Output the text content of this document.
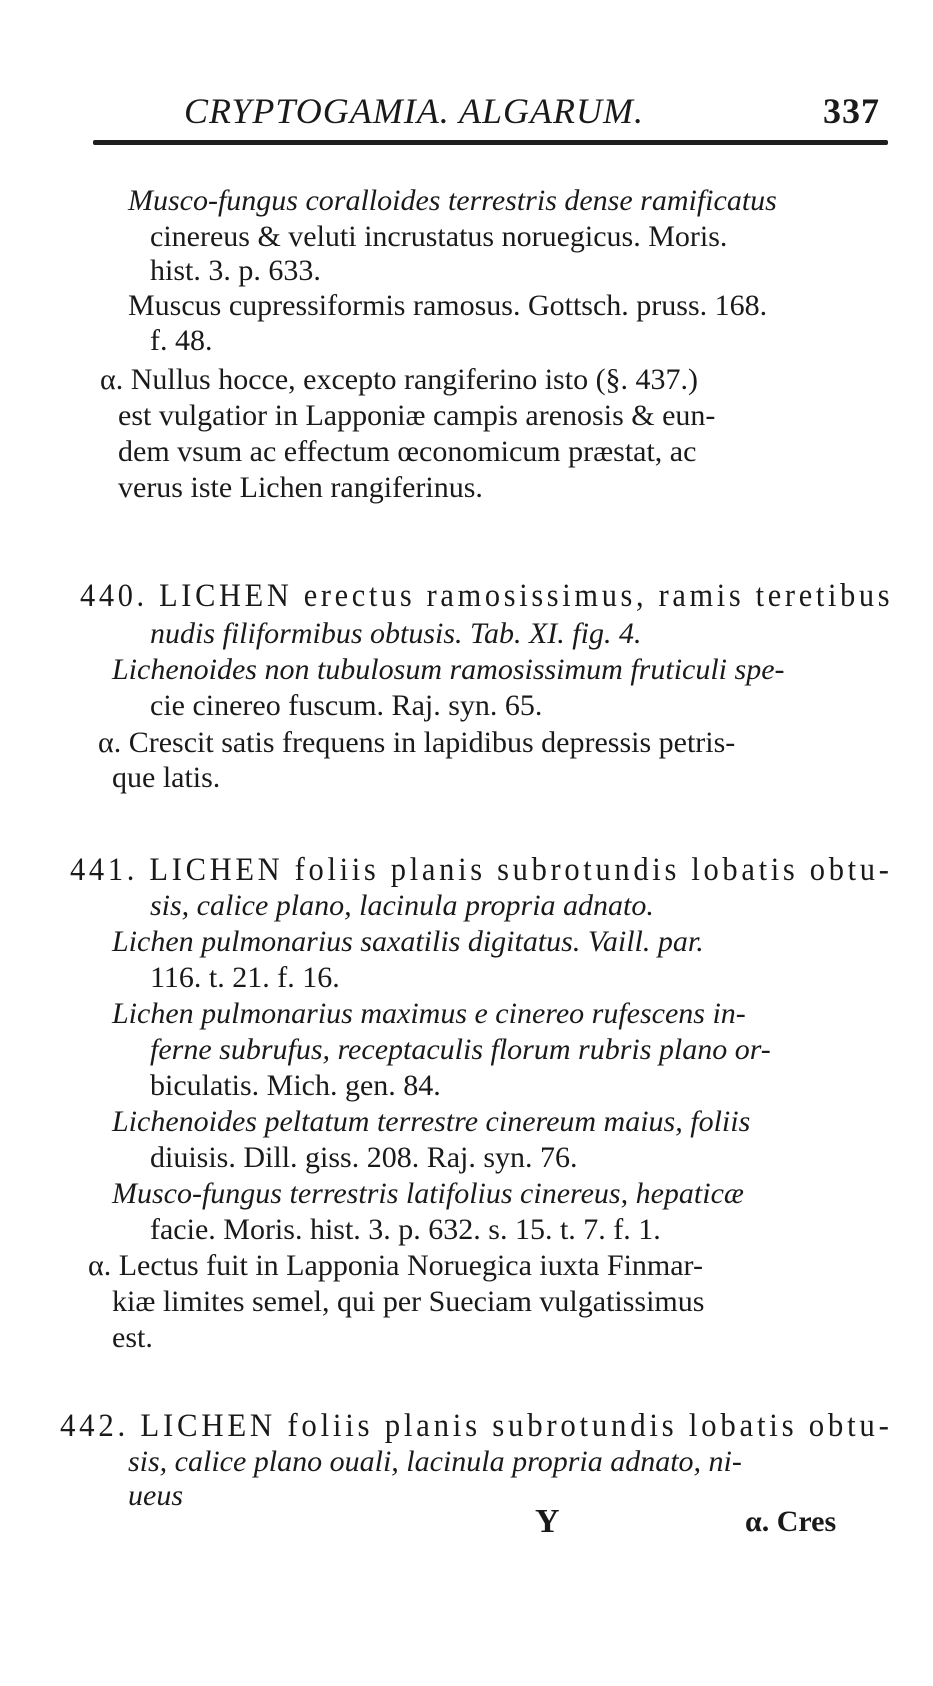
CRYPTOGAMIA. ALGARUM.	337
Musco-fungus coralloides terrestris dense ramificatus
cinereus & veluti incrustatus noruegicus. Moris.
hist. 3. p. 633.
Muscus cupressiformis ramosus. Gottsch. pruss. 168.
f. 48.
α. Nullus hocce, excepto rangiferino isto (§. 437.)
est vulgatior in Lapponiæ campis arenosis & eun-
dem vsum ac effectum œconomicum præstat, ac
verus iste Lichen rangiferinus.
440. LICHEN erectus ramosissimus, ramis teretibus
nudis filiformibus obtusis. Tab. XI. fig. 4.
Lichenoides non tubulosum ramosissimum fruticuli spe-
cie cinereo fuscum. Raj. syn. 65.
α. Crescit satis frequens in lapidibus depressis petris-
que latis.
441. LICHEN foliis planis subrotundis lobatis obtu-
sis, calice plano, lacinula propria adnato.
Lichen pulmonarius saxatilis digitatus. Vaill. par.
116. t. 21. f. 16.
Lichen pulmonarius maximus e cinereo rufescens in-
ferne subrufus, receptaculis florum rubris plano or-
biculatis. Mich. gen. 84.
Lichenoides peltatum terrestre cinereum maius, foliis
diuisis. Dill. giss. 208. Raj. syn. 76.
Musco-fungus terrestris latifolius cinereus, hepaticæ
facie. Moris. hist. 3. p. 632. s. 15. t. 7. f. 1.
α. Lectus fuit in Lapponia Noruegica iuxta Finmar-
kiæ limites semel, qui per Sueciam vulgatissimus
est.
442. LICHEN foliis planis subrotundis lobatis obtu-
sis, calice plano ouali, lacinula propria adnato, ni-
ueus
Y	α. Cres
